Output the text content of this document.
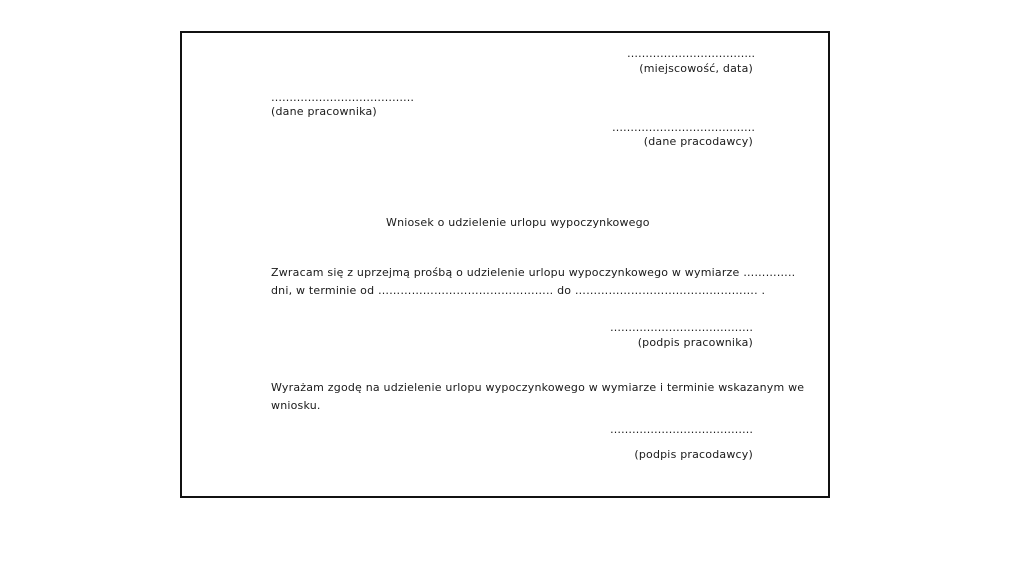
……………………………..
(miejscowość, data)
…………………………………
(dane pracownika)
…………………………………
(dane pracodawcy)
Wniosek o udzielenie urlopu wypoczynkowego
Zwracam się z uprzejmą prośbą o udzielenie urlopu wypoczynkowego w wymiarze …………..
dni, w terminie od ……………………………………….. do …………………………………………. .
…………………………………
(podpis pracownika)
Wyrażam zgodę na udzielenie urlopu wypoczynkowego w wymiarze i terminie wskazanym we wniosku.
…………………………………
(podpis pracodawcy)
